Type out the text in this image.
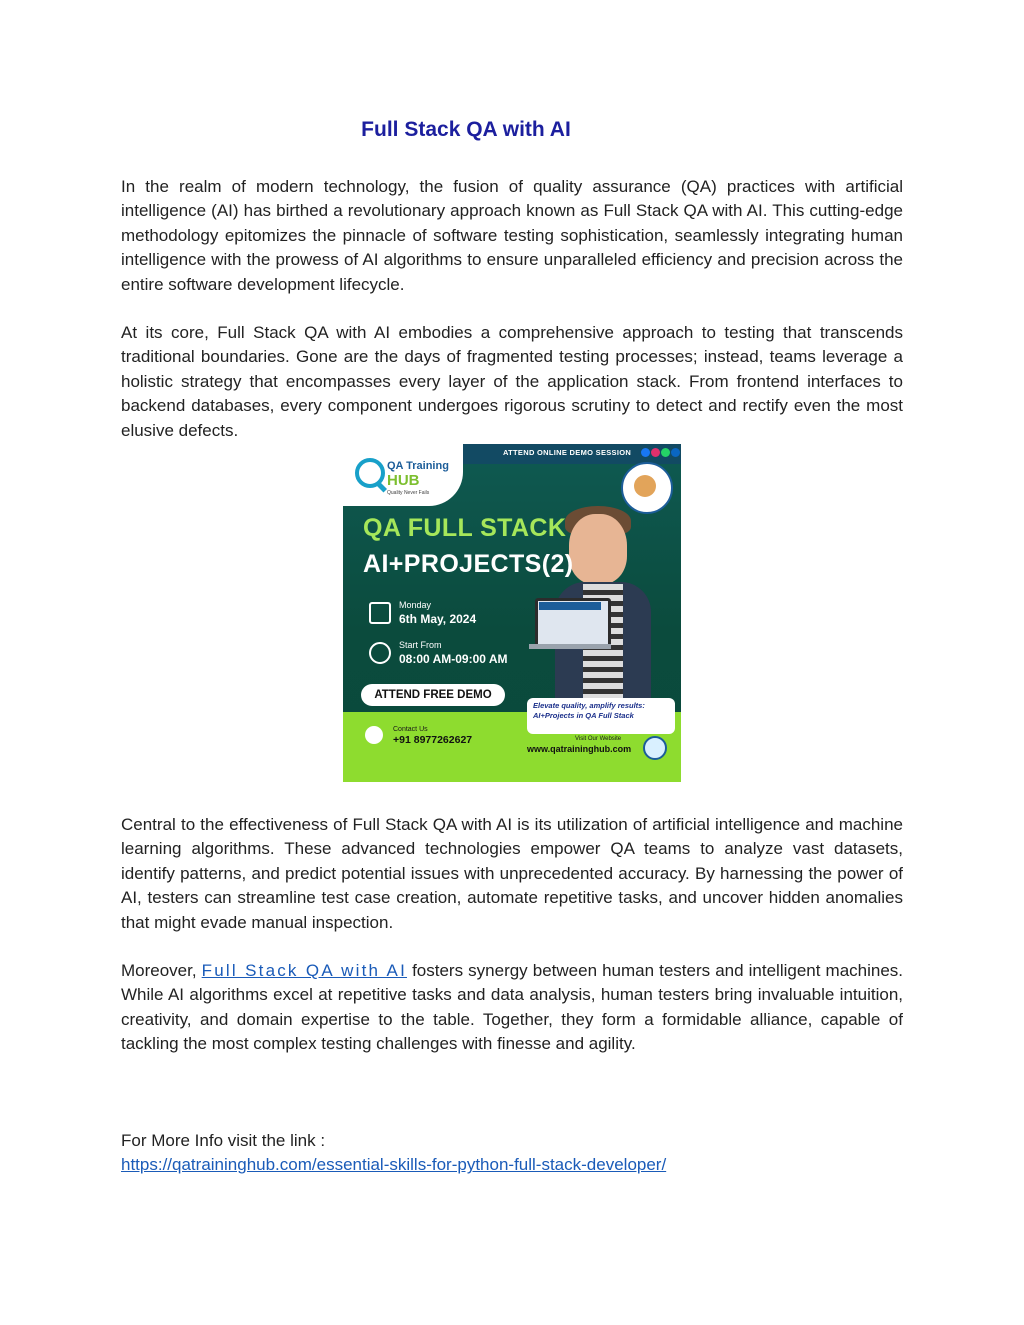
Full Stack QA with AI

In the realm of modern technology, the fusion of quality assurance (QA) practices with artificial intelligence (AI) has birthed a revolutionary approach known as Full Stack QA with AI. This cutting-edge methodology epitomizes the pinnacle of software testing sophistication, seamlessly integrating human intelligence with the prowess of AI algorithms to ensure unparalleled efficiency and precision across the entire software development lifecycle.

At its core, Full Stack QA with AI embodies a comprehensive approach to testing that transcends traditional boundaries. Gone are the days of fragmented testing processes; instead, teams leverage a holistic strategy that encompasses every layer of the application stack. From frontend interfaces to backend databases, every component undergoes rigorous scrutiny to detect and rectify even the most elusive defects.

ATTEND ONLINE DEMO SESSION
QA Training
HUB
Quality Never Fails
QA FULL STACK
AI+PROJECTS(2)
Monday
6th May, 2024
Start From
08:00 AM-09:00 AM
ATTEND FREE DEMO
Contact Us
+91 8977262627
Elevate quality, amplify results:
AI+Projects in QA Full Stack
Visit Our Website
www.qatraininghub.com

Central to the effectiveness of Full Stack QA with AI is its utilization of artificial intelligence and machine learning algorithms. These advanced technologies empower QA teams to analyze vast datasets, identify patterns, and predict potential issues with unprecedented accuracy. By harnessing the power of AI, testers can streamline test case creation, automate repetitive tasks, and uncover hidden anomalies that might evade manual inspection.

Moreover, Full Stack QA with AI fosters synergy between human testers and intelligent machines. While AI algorithms excel at repetitive tasks and data analysis, human testers bring invaluable intuition, creativity, and domain expertise to the table. Together, they form a formidable alliance, capable of tackling the most complex testing challenges with finesse and agility.

For More Info visit the link :
https://qatraininghub.com/essential-skills-for-python-full-stack-developer/
